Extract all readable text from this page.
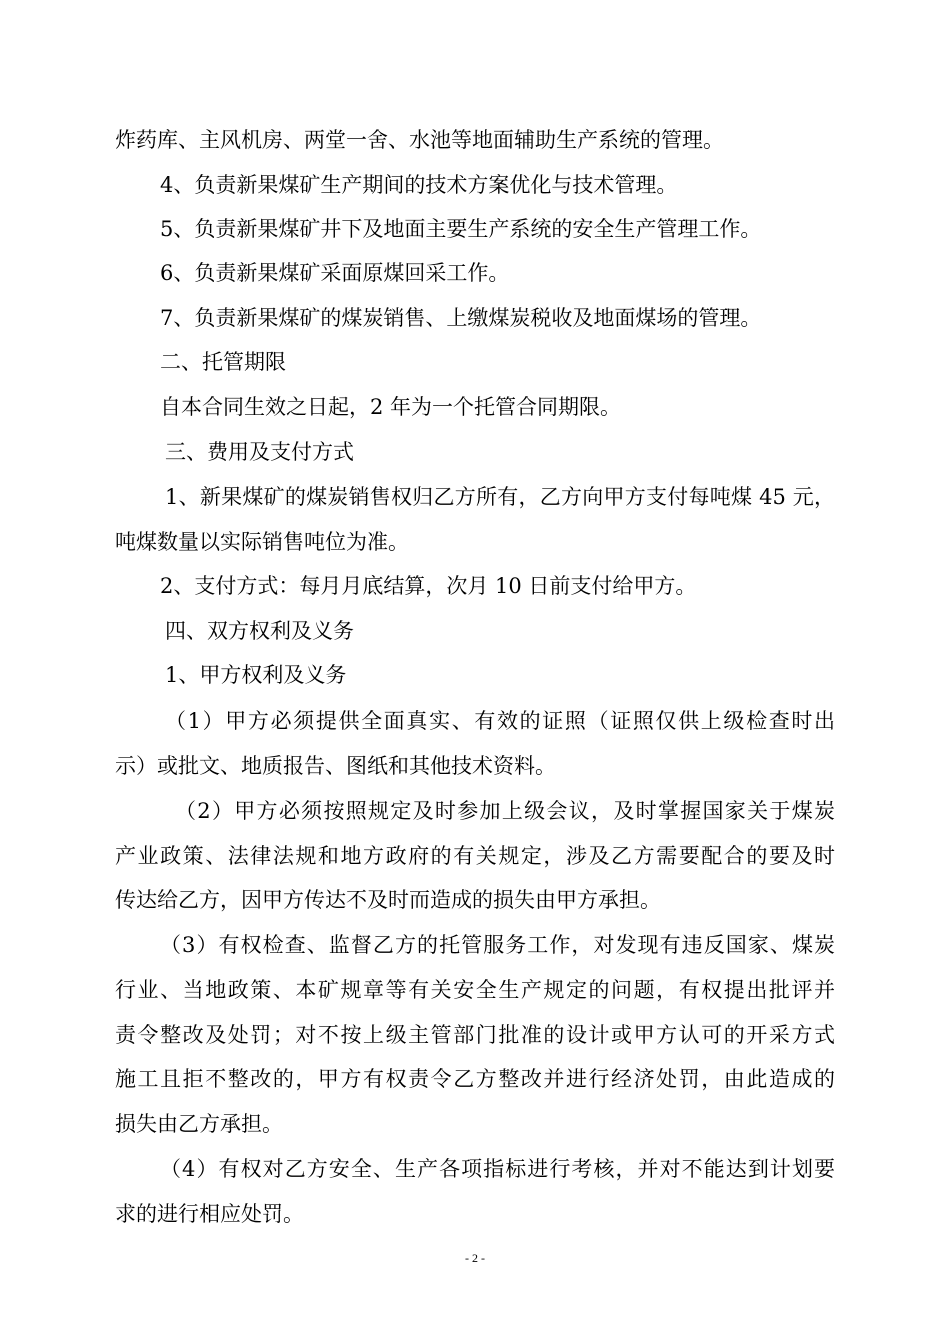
炸药库、主风机房、两堂一舍、水池等地面辅助生产系统的管理。
4、负责新果煤矿生产期间的技术方案优化与技术管理。
5、负责新果煤矿井下及地面主要生产系统的安全生产管理工作。
6、负责新果煤矿采面原煤回采工作。
7、负责新果煤矿的煤炭销售、上缴煤炭税收及地面煤场的管理。
二、托管期限
自本合同生效之日起，2 年为一个托管合同期限。
三、费用及支付方式
1、新果煤矿的煤炭销售权归乙方所有，乙方向甲方支付每吨煤 45 元，
吨煤数量以实际销售吨位为准。
2、支付方式：每月月底结算，次月 10 日前支付给甲方。
四、双方权利及义务
1、甲方权利及义务
（1）甲方必须提供全面真实、有效的证照（证照仅供上级检查时出
示）或批文、地质报告、图纸和其他技术资料。
（2）甲方必须按照规定及时参加上级会议，及时掌握国家关于煤炭
产业政策、法律法规和地方政府的有关规定，涉及乙方需要配合的要及时
传达给乙方，因甲方传达不及时而造成的损失由甲方承担。
（3）有权检查、监督乙方的托管服务工作，对发现有违反国家、煤炭
行业、当地政策、本矿规章等有关安全生产规定的问题，有权提出批评并
责令整改及处罚；对不按上级主管部门批准的设计或甲方认可的开采方式
施工且拒不整改的，甲方有权责令乙方整改并进行经济处罚，由此造成的
损失由乙方承担。
（4）有权对乙方安全、生产各项指标进行考核，并对不能达到计划要
求的进行相应处罚。
- 2 -
